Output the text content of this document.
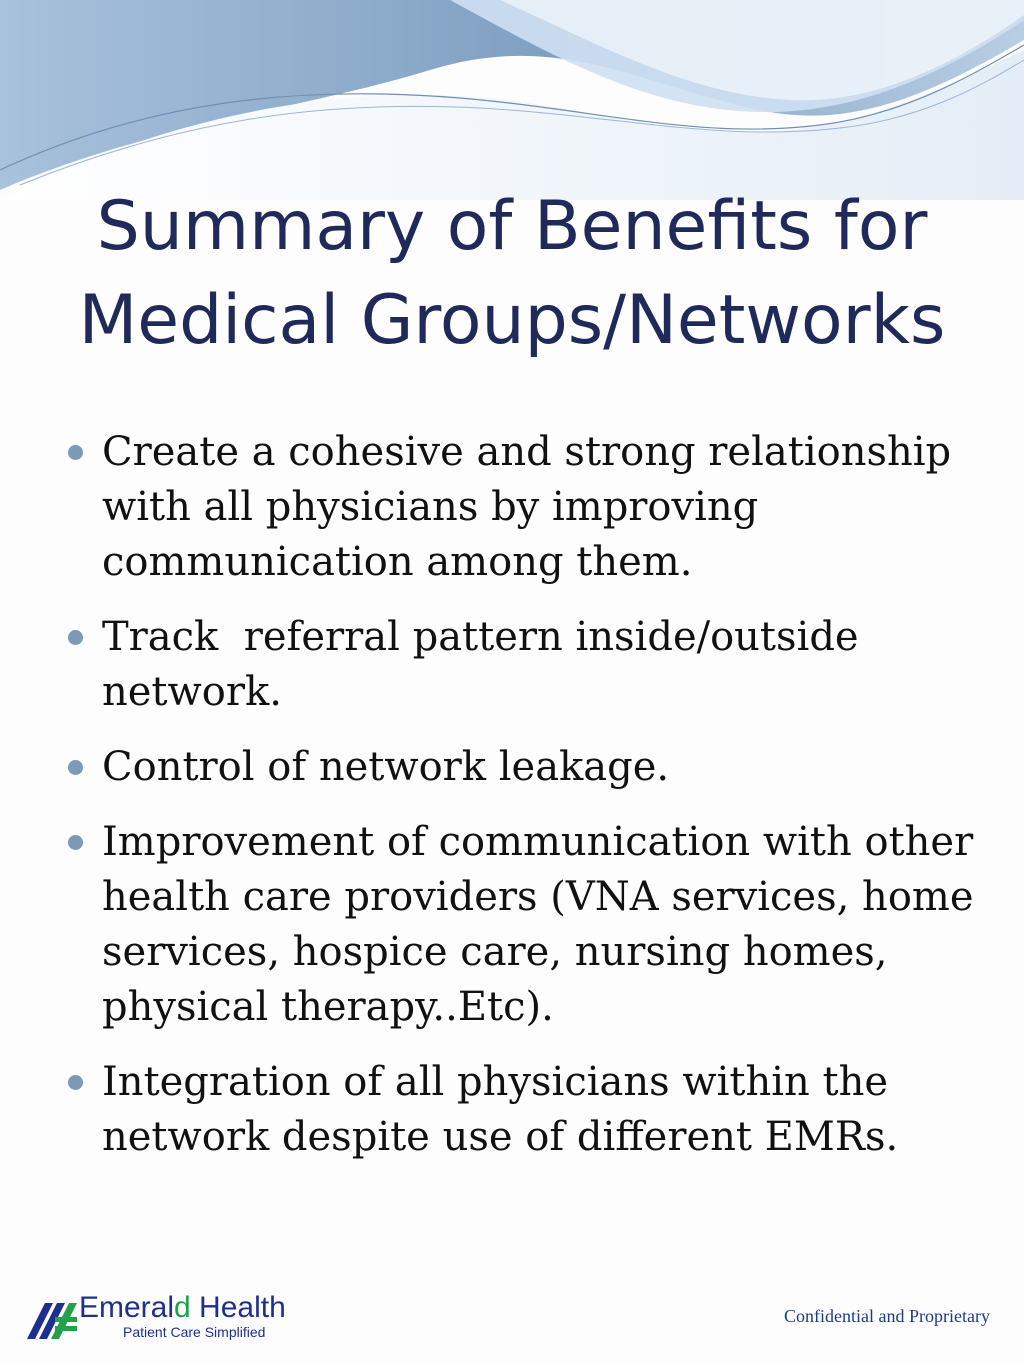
Summary of Benefits for
Medical Groups/Networks
Create a cohesive and strong relationship
with all physicians by improving
communication among them.
Track  referral pattern inside/outside
network.
Control of network leakage.
Improvement of communication with other
health care providers (VNA services, home
services, hospice care, nursing homes,
physical therapy..Etc).
Integration of all physicians within the
network despite use of different EMRs.
Emerald Health
Patient Care Simplified
Confidential and Proprietary
